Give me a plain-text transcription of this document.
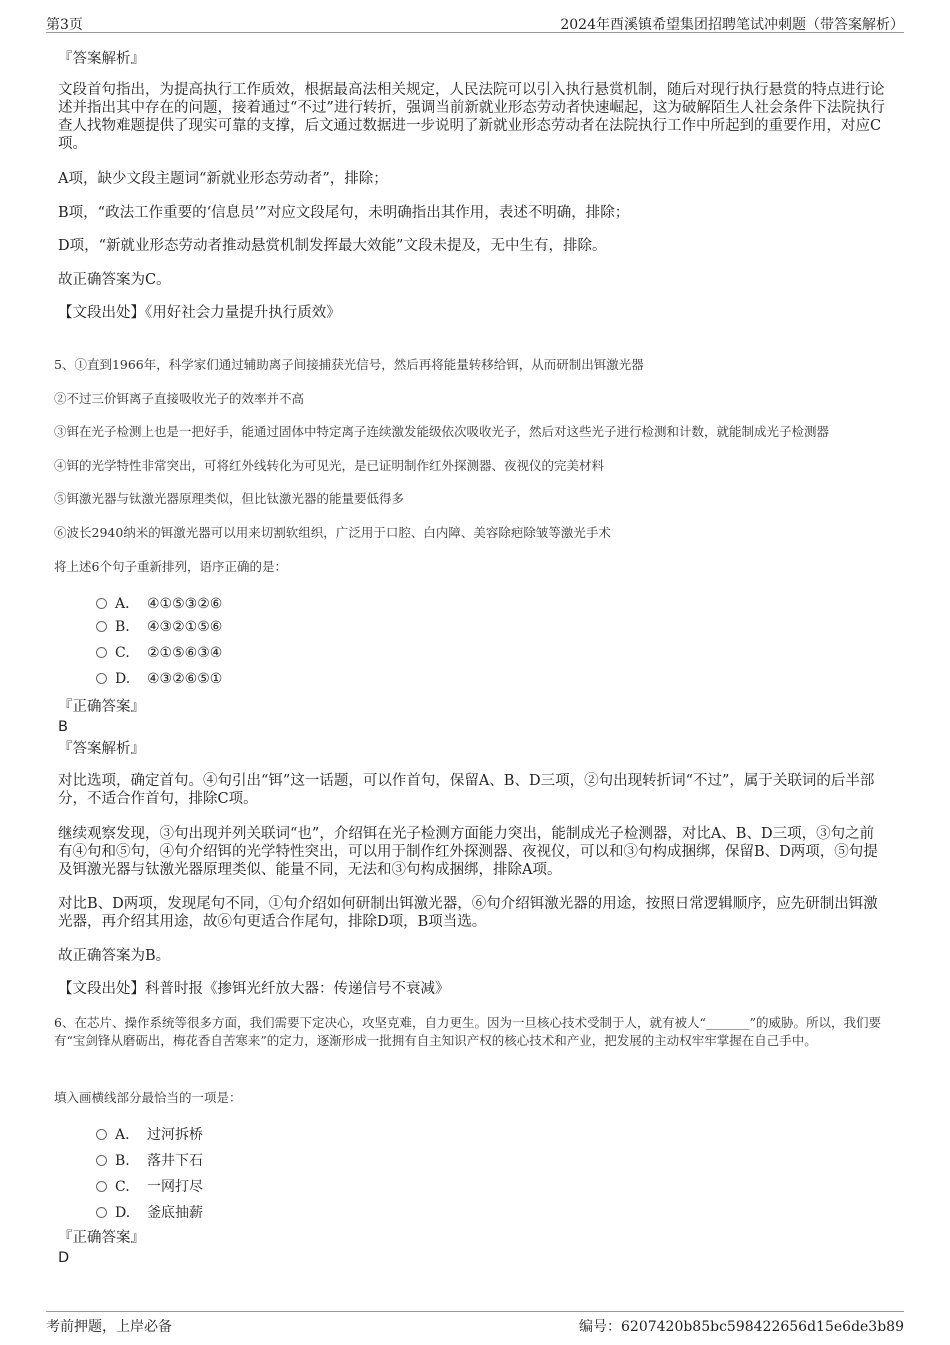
第3页	2024年酉溪镇希望集团招聘笔试冲刺题（带答案解析）
『答案解析』
文段首句指出，为提高执行工作质效，根据最高法相关规定，人民法院可以引入执行悬赏机制，随后对现行执行悬赏的特点进行论述并指出其中存在的问题，接着通过“不过”进行转折，强调当前新就业形态劳动者快速崛起，这为破解陌生人社会条件下法院执行查人找物难题提供了现实可靠的支撑，后文通过数据进一步说明了新就业形态劳动者在法院执行工作中所起到的重要作用，对应C项。
A项，缺少文段主题词“新就业形态劳动者”，排除；
B项，“政法工作重要的‘信息员’”对应文段尾句，未明确指出其作用，表述不明确，排除；
D项，“新就业形态劳动者推动悬赏机制发挥最大效能”文段未提及，无中生有，排除。
故正确答案为C。
【文段出处】《用好社会力量提升执行质效》
5、①直到1966年，科学家们通过辅助离子间接捕获光信号，然后再将能量转移给铒，从而研制出铒激光器
②不过三价铒离子直接吸收光子的效率并不高
③铒在光子检测上也是一把好手，能通过固体中特定离子连续激发能级依次吸收光子，然后对这些光子进行检测和计数，就能制成光子检测器
④铒的光学特性非常突出，可将红外线转化为可见光，是已证明制作红外探测器、夜视仪的完美材料
⑤铒激光器与钛激光器原理类似，但比钛激光器的能量要低得多
⑥波长2940纳米的铒激光器可以用来切割软组织，广泛用于口腔、白内障、美容除疤除皱等激光手术
将上述6个句子重新排列，语序正确的是：
A． ④①⑤③②⑥
B. ④③②①⑤⑥
C. ②①⑤⑥③④
D. ④③②⑥⑤①
『正确答案』
B
『答案解析』
对比选项，确定首句。④句引出“铒”这一话题，可以作首句，保留A、B、D三项，②句出现转折词“不过”，属于关联词的后半部分，不适合作首句，排除C项。
继续观察发现，③句出现并列关联词“也”，介绍铒在光子检测方面能力突出，能制成光子检测器，对比A、B、D三项，③句之前有④句和⑤句，④句介绍铒的光学特性突出，可以用于制作红外探测器、夜视仪，可以和③句构成捆绑，保留B、D两项，⑤句提及铒激光器与钛激光器原理类似、能量不同，无法和③句构成捆绑，排除A项。
对比B、D两项，发现尾句不同，①句介绍如何研制出铒激光器，⑥句介绍铒激光器的用途，按照日常逻辑顺序，应先研制出铒激光器，再介绍其用途，故⑥句更适合作尾句，排除D项，B项当选。
故正确答案为B。
【文段出处】科普时报《掺铒光纤放大器：传递信号不衰减》
6、在芯片、操作系统等很多方面，我们需要下定决心，攻坚克难，自力更生。因为一旦核心技术受制于人，就有被人“_______”的威胁。所以，我们要有“宝剑锋从磨砺出，梅花香自苦寒来”的定力，逐渐形成一批拥有自主知识产权的核心技术和产业，把发展的主动权牢牢掌握在自己手中。
填入画横线部分最恰当的一项是：
A． 过河拆桥
B. 落井下石
C. 一网打尽
D. 釜底抽薪
『正确答案』
D
考前押题，上岸必备	编号：6207420b85bc598422656d15e6de3b89
